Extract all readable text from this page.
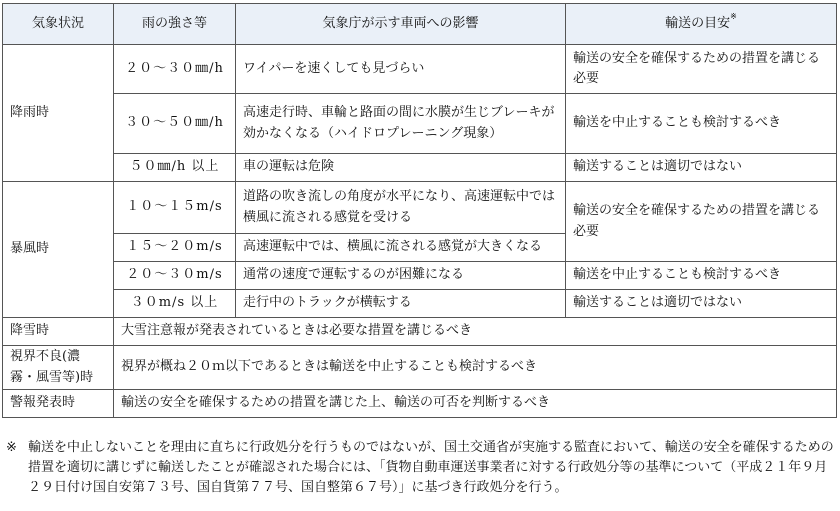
気象状況	雨の強さ等	気象庁が示す車両への影響	輸送の目安※
降雨時	２０～３０㎜/h	ワイパーを速くしても見づらい	輸送の安全を確保するための措置を講じる必要
	３０～５０㎜/h	高速走行時、車輪と路面の間に水膜が生じブレーキが効かなくなる（ハイドロプレーニング現象）	輸送を中止することも検討するべき
	５０㎜/h 以上	車の運転は危険	輸送することは適切ではない
暴風時	１０～１５m/s	道路の吹き流しの角度が水平になり、高速運転中では横風に流される感覚を受ける	輸送の安全を確保するための措置を講じる必要
	１５～２０m/s	高速運転中では、横風に流される感覚が大きくなる	
	２０～３０m/s	通常の速度で運転するのが困難になる	輸送を中止することも検討するべき
	３０m/s 以上	走行中のトラックが横転する	輸送することは適切ではない
降雪時	大雪注意報が発表されているときは必要な措置を講じるべき		
視界不良(濃霧・風雪等)時	視界が概ね２０ｍ以下であるときは輸送を中止することも検討するべき		
警報発表時	輸送の安全を確保するための措置を講じた上、輸送の可否を判断するべき		
※ 輸送を中止しないことを理由に直ちに行政処分を行うものではないが、国土交通省が実施する監査において、輸送の安全を確保するための措置を適切に講じずに輸送したことが確認された場合には、「貨物自動車運送事業者に対する行政処分等の基準について（平成２１年９月２９日付け国自安第７３号、国自貨第７７号、国自整第６７号）」に基づき行政処分を行う。
